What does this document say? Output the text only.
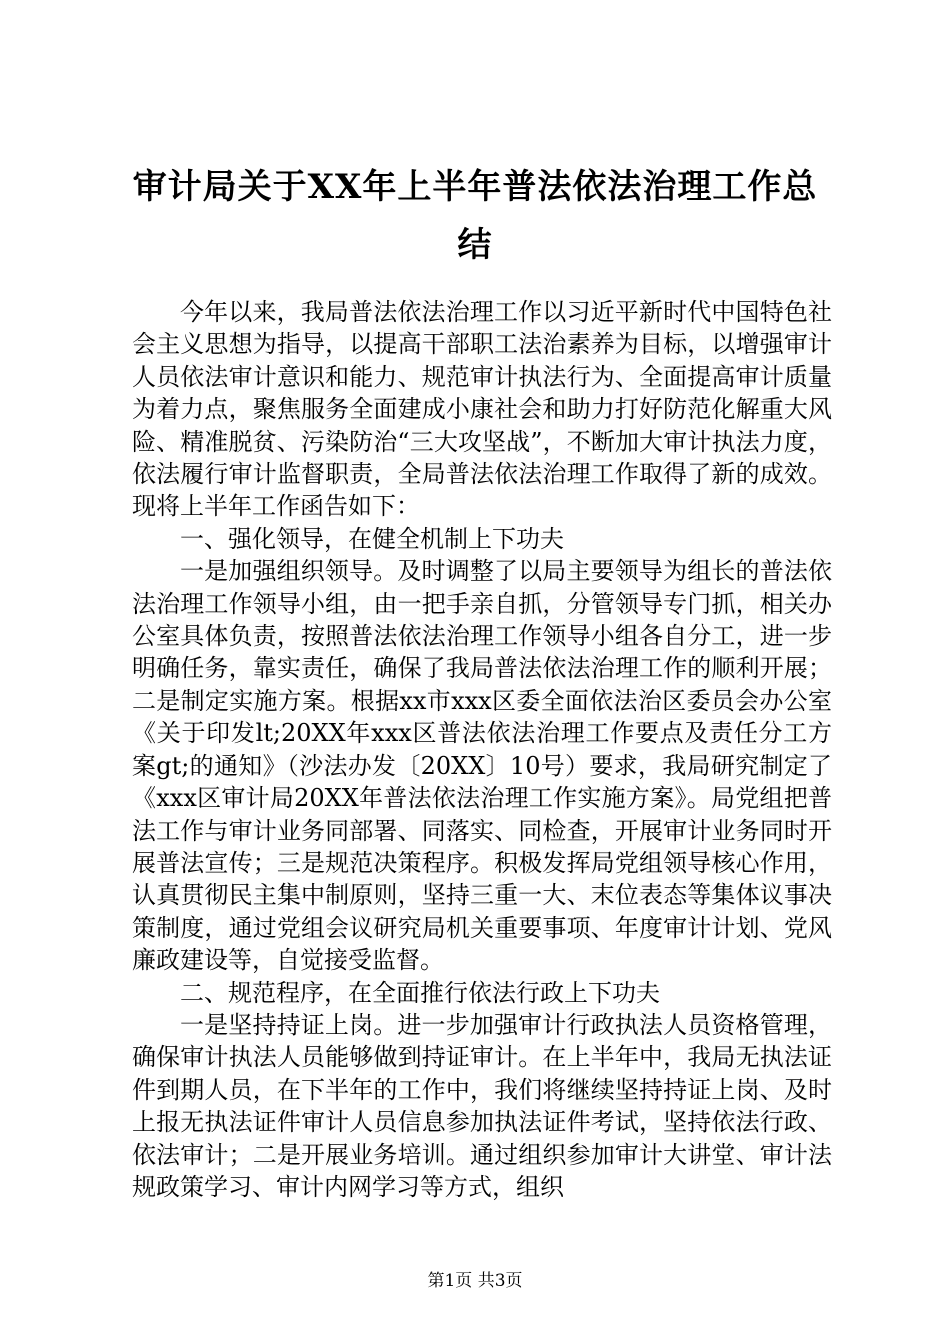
审计局关于XX年上半年普法依法治理工作总结

今年以来，我局普法依法治理工作以习近平新时代中国特色社会主义思想为指导，以提高干部职工法治素养为目标，以增强审计人员依法审计意识和能力、规范审计执法行为、全面提高审计质量为着力点，聚焦服务全面建成小康社会和助力打好防范化解重大风险、精准脱贫、污染防治“三大攻坚战”，不断加大审计执法力度，依法履行审计监督职责，全局普法依法治理工作取得了新的成效。现将上半年工作函告如下：

一、强化领导，在健全机制上下功夫

一是加强组织领导。及时调整了以局主要领导为组长的普法依法治理工作领导小组，由一把手亲自抓，分管领导专门抓，相关办公室具体负责，按照普法依法治理工作领导小组各自分工，进一步明确任务，靠实责任，确保了我局普法依法治理工作的顺利开展；二是制定实施方案。根据xx市xxx区委全面依法治区委员会办公室《关于印发lt;20XX年xxx区普法依法治理工作要点及责任分工方案gt;的通知》（沙法办发〔20XX〕10号）要求，我局研究制定了《xxx区审计局20XX年普法依法治理工作实施方案》。局党组把普法工作与审计业务同部署、同落实、同检查，开展审计业务同时开展普法宣传；三是规范决策程序。积极发挥局党组领导核心作用，认真贯彻民主集中制原则，坚持三重一大、末位表态等集体议事决策制度，通过党组会议研究局机关重要事项、年度审计计划、党风廉政建设等，自觉接受监督。

二、规范程序，在全面推行依法行政上下功夫

一是坚持持证上岗。进一步加强审计行政执法人员资格管理，确保审计执法人员能够做到持证审计。在上半年中，我局无执法证件到期人员，在下半年的工作中，我们将继续坚持持证上岗、及时上报无执法证件审计人员信息参加执法证件考试，坚持依法行政、依法审计；二是开展业务培训。通过组织参加审计大讲堂、审计法规政策学习、审计内网学习等方式，组织

第1页 共3页
